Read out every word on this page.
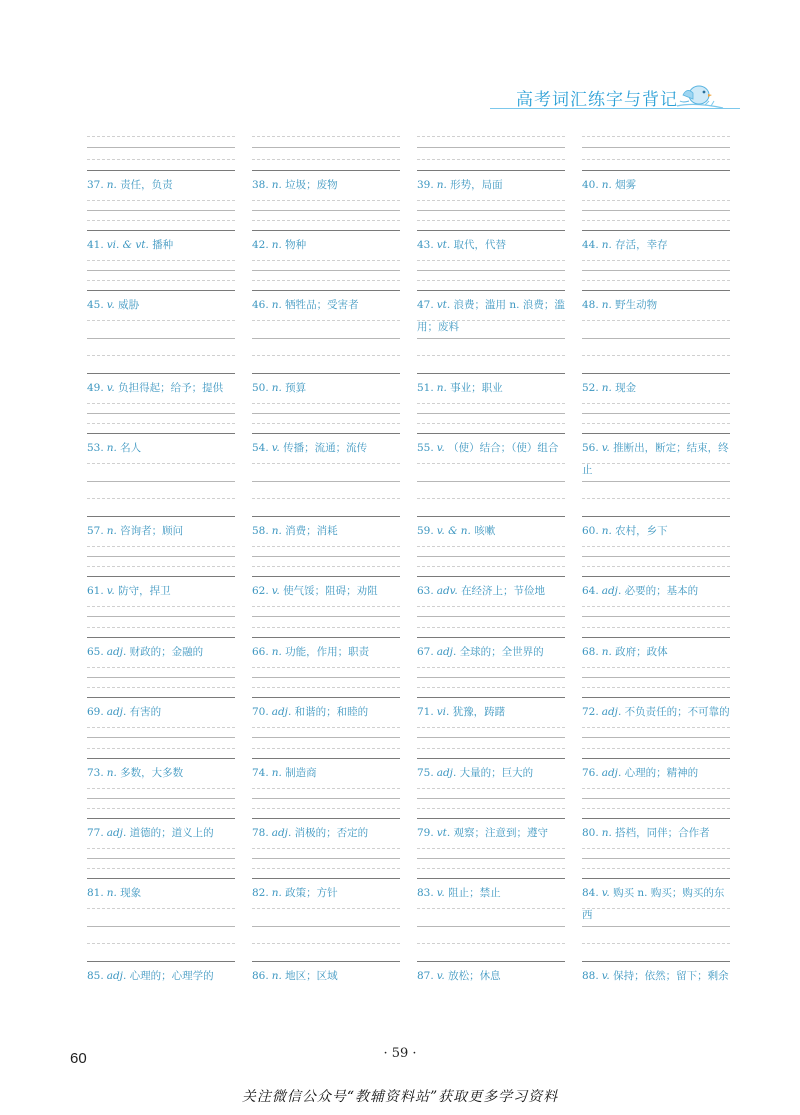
高考词汇练字与背记
37. n. 责任，负责
41. vi. & vt. 播种
45. v. 威胁
49. v. 负担得起；给予；提供
53. n. 名人
57. n. 咨询者；顾问
61. v. 防守，捍卫
65. adj. 财政的；金融的
69. adj. 有害的
73. n. 多数，大多数
77. adj. 道德的；道义上的
81. n. 现象
85. adj. 心理的；心理学的
38. n. 垃圾；废物
42. n. 物种
46. n. 牺牲品；受害者
50. n. 预算
54. v. 传播；流通；流传
58. n. 消费；消耗
62. v. 使气馁；阻碍；劝阻
66. n. 功能，作用；职责
70. adj. 和谐的；和睦的
74. n. 制造商
78. adj. 消极的；否定的
82. n. 政策；方针
86. n. 地区；区域
39. n. 形势，局面
43. vt. 取代，代替
47. vt. 浪费；滥用 n. 浪费；滥用；废料
51. n. 事业；职业
55. v. （使）结合；（使）组合
59. v. & n. 咳嗽
63. adv. 在经济上；节俭地
67. adj. 全球的；全世界的
71. vi. 犹豫，踌躇
75. adj. 大量的；巨大的
79. vt. 观察；注意到；遵守
83. v. 阻止；禁止
87. v. 放松；休息
40. n. 烟雾
44. n. 存活，幸存
48. n. 野生动物
52. n. 现金
56. v. 推断出，断定；结束，终止
60. n. 农村，乡下
64. adj. 必要的；基本的
68. n. 政府；政体
72. adj. 不负责任的；不可靠的
76. adj. 心理的；精神的
80. n. 搭档，同伴；合作者
84. v. 购买 n. 购买；购买的东西
88. v. 保持；依然；留下；剩余
60	· 59 ·
关注微信公众号“教辅资料站”获取更多学习资料
